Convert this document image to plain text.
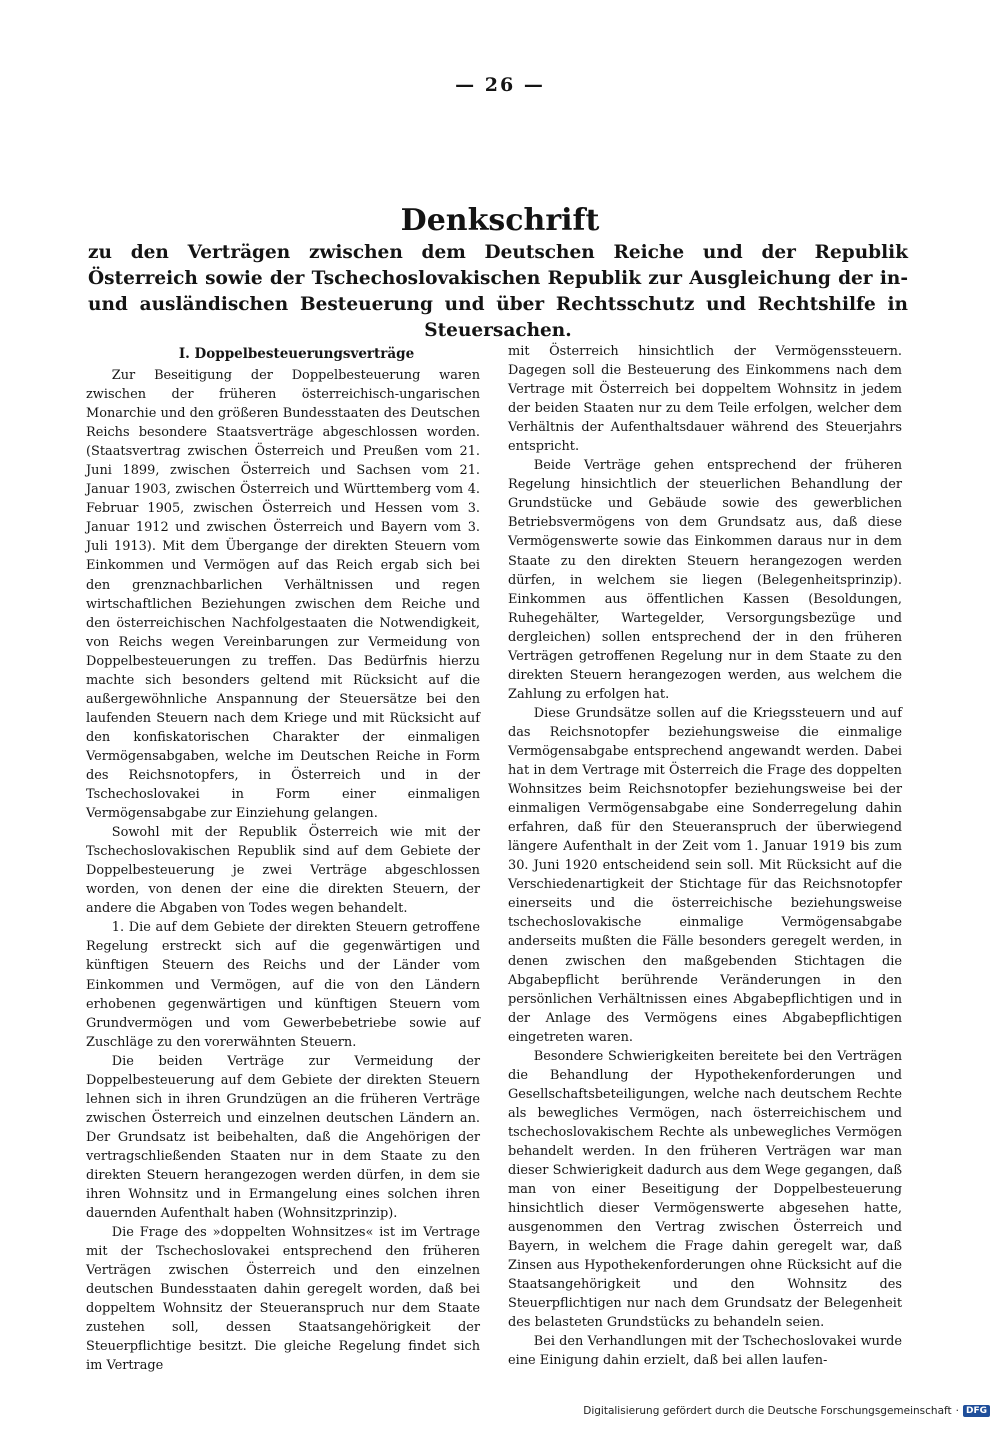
— 26 —
Denkschrift
zu den Verträgen zwischen dem Deutschen Reiche und der Republik Österreich sowie der Tschechoslovakischen Republik zur Ausgleichung der in- und ausländischen Besteuerung und über Rechtsschutz und Rechtshilfe in Steuersachen.

I. Doppelbesteuerungsverträge

Zur Beseitigung der Doppelbesteuerung waren zwischen der früheren österreichisch-ungarischen Monarchie und den größeren Bundesstaaten des Deutschen Reichs besondere Staatsverträge abgeschlossen worden. (Staatsvertrag zwischen Österreich und Preußen vom 21. Juni 1899, zwischen Österreich und Sachsen vom 21. Januar 1903, zwischen Österreich und Württemberg vom 4. Februar 1905, zwischen Österreich und Hessen vom 3. Januar 1912 und zwischen Österreich und Bayern vom 3. Juli 1913). Mit dem Übergange der direkten Steuern vom Einkommen und Vermögen auf das Reich ergab sich bei den grenznachbarlichen Verhältnissen und regen wirtschaftlichen Beziehungen zwischen dem Reiche und den österreichischen Nachfolgestaaten die Notwendigkeit, von Reichs wegen Vereinbarungen zur Vermeidung von Doppelbesteuerungen zu treffen. Das Bedürfnis hierzu machte sich besonders geltend mit Rücksicht auf die außergewöhnliche Anspannung der Steuersätze bei den laufenden Steuern nach dem Kriege und mit Rücksicht auf den konfiskatorischen Charakter der einmaligen Vermögensabgaben, welche im Deutschen Reiche in Form des Reichsnotopfers, in Österreich und in der Tschechoslovakei in Form einer einmaligen Vermögensabgabe zur Einziehung gelangen.

Sowohl mit der Republik Österreich wie mit der Tschechoslovakischen Republik sind auf dem Gebiete der Doppelbesteuerung je zwei Verträge abgeschlossen worden, von denen der eine die direkten Steuern, der andere die Abgaben von Todes wegen behandelt.

1. Die auf dem Gebiete der direkten Steuern getroffene Regelung erstreckt sich auf die gegenwärtigen und künftigen Steuern des Reichs und der Länder vom Einkommen und Vermögen, auf die von den Ländern erhobenen gegenwärtigen und künftigen Steuern vom Grundvermögen und vom Gewerbebetriebe sowie auf Zuschläge zu den vorerwähnten Steuern.

Die beiden Verträge zur Vermeidung der Doppelbesteuerung auf dem Gebiete der direkten Steuern lehnen sich in ihren Grundzügen an die früheren Verträge zwischen Österreich und einzelnen deutschen Ländern an. Der Grundsatz ist beibehalten, daß die Angehörigen der vertragschließenden Staaten nur in dem Staate zu den direkten Steuern herangezogen werden dürfen, in dem sie ihren Wohnsitz und in Ermangelung eines solchen ihren dauernden Aufenthalt haben (Wohnsitzprinzip).

Die Frage des »doppelten Wohnsitzes« ist im Vertrage mit der Tschechoslovakei entsprechend den früheren Verträgen zwischen Österreich und den einzelnen deutschen Bundesstaaten dahin geregelt worden, daß bei doppeltem Wohnsitz der Steueranspruch nur dem Staate zustehen soll, dessen Staatsangehörigkeit der Steuerpflichtige besitzt. Die gleiche Regelung findet sich im Vertrage

mit Österreich hinsichtlich der Vermögenssteuern. Dagegen soll die Besteuerung des Einkommens nach dem Vertrage mit Österreich bei doppeltem Wohnsitz in jedem der beiden Staaten nur zu dem Teile erfolgen, welcher dem Verhältnis der Aufenthaltsdauer während des Steuerjahrs entspricht.

Beide Verträge gehen entsprechend der früheren Regelung hinsichtlich der steuerlichen Behandlung der Grundstücke und Gebäude sowie des gewerblichen Betriebsvermögens von dem Grundsatz aus, daß diese Vermögenswerte sowie das Einkommen daraus nur in dem Staate zu den direkten Steuern herangezogen werden dürfen, in welchem sie liegen (Belegenheitsprinzip). Einkommen aus öffentlichen Kassen (Besoldungen, Ruhegehälter, Wartegelder, Versorgungsbezüge und dergleichen) sollen entsprechend der in den früheren Verträgen getroffenen Regelung nur in dem Staate zu den direkten Steuern herangezogen werden, aus welchem die Zahlung zu erfolgen hat.

Diese Grundsätze sollen auf die Kriegssteuern und auf das Reichsnotopfer beziehungsweise die einmalige Vermögensabgabe entsprechend angewandt werden. Dabei hat in dem Vertrage mit Österreich die Frage des doppelten Wohnsitzes beim Reichsnotopfer beziehungsweise bei der einmaligen Vermögensabgabe eine Sonderregelung dahin erfahren, daß für den Steueranspruch der überwiegend längere Aufenthalt in der Zeit vom 1. Januar 1919 bis zum 30. Juni 1920 entscheidend sein soll. Mit Rücksicht auf die Verschiedenartigkeit der Stichtage für das Reichsnotopfer einerseits und die österreichische beziehungsweise tschechoslovakische einmalige Vermögensabgabe anderseits mußten die Fälle besonders geregelt werden, in denen zwischen den maßgebenden Stichtagen die Abgabepflicht berührende Veränderungen in den persönlichen Verhältnissen eines Abgabepflichtigen und in der Anlage des Vermögens eines Abgabepflichtigen eingetreten waren.

Besondere Schwierigkeiten bereitete bei den Verträgen die Behandlung der Hypothekenforderungen und Gesellschaftsbeteiligungen, welche nach deutschem Rechte als bewegliches Vermögen, nach österreichischem und tschechoslovakischem Rechte als unbewegliches Vermögen behandelt werden. In den früheren Verträgen war man dieser Schwierigkeit dadurch aus dem Wege gegangen, daß man von einer Beseitigung der Doppelbesteuerung hinsichtlich dieser Vermögenswerte abgesehen hatte, ausgenommen den Vertrag zwischen Österreich und Bayern, in welchem die Frage dahin geregelt war, daß Zinsen aus Hypothekenforderungen ohne Rücksicht auf die Staatsangehörigkeit und den Wohnsitz des Steuerpflichtigen nur nach dem Grundsatz der Belegenheit des belasteten Grundstücks zu behandeln seien.

Bei den Verhandlungen mit der Tschechoslovakei wurde eine Einigung dahin erzielt, daß bei allen laufen-

Digitalisierung gefördert durch die Deutsche Forschungsgemeinschaft · DFG
